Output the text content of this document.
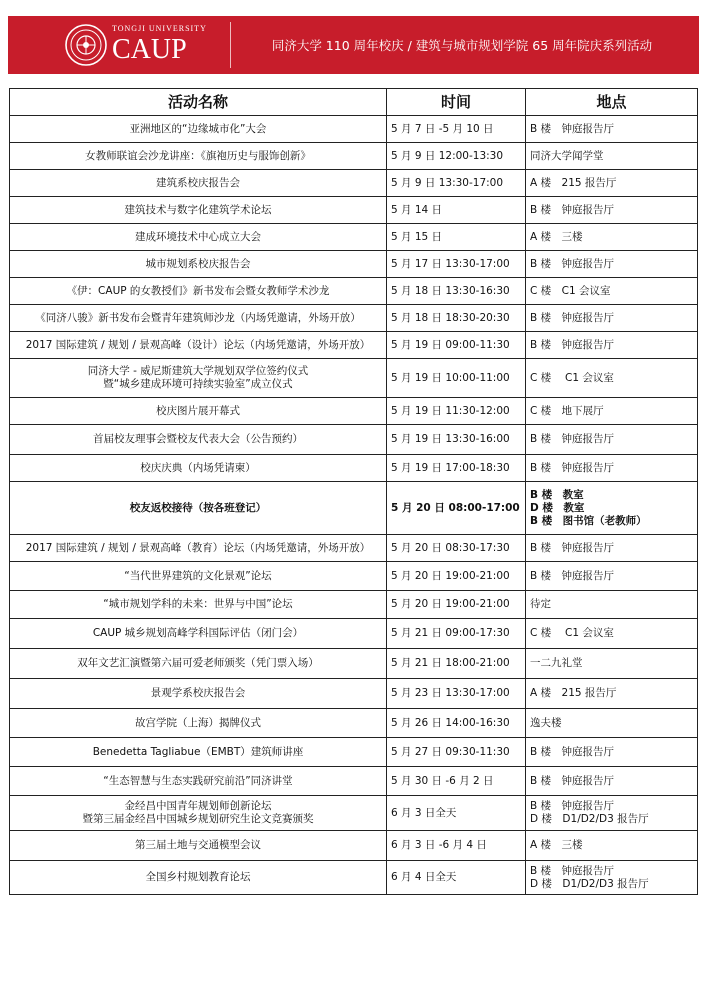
TONGJI UNIVERSITY
CAUP	同济大学 110 周年校庆 / 建筑与城市规划学院 65 周年院庆系列活动
活动名称	时间	地点

亚洲地区的“边缘城市化”大会	5 月 7 日 -5 月 10 日	B 楼　钟庭报告厅

女教师联谊会沙龙讲座：《旗袍历史与服饰创新》	5 月 9 日 12:00-13:30	同济大学闻学堂

建筑系校庆报告会	5 月 9 日 13:30-17:00	A 楼　215 报告厅

建筑技术与数字化建筑学术论坛	5 月 14 日	B 楼　钟庭报告厅

建成环境技术中心成立大会	5 月 15 日	A 楼　三楼

城市规划系校庆报告会	5 月 17 日 13:30-17:00	B 楼　钟庭报告厅

《伊：CAUP 的女教授们》新书发布会暨女教师学术沙龙	5 月 18 日 13:30-16:30	C 楼　C1 会议室

《同济八骏》新书发布会暨青年建筑师沙龙（内场凭邀请，外场开放）	5 月 18 日 18:30-20:30	B 楼　钟庭报告厅

2017 国际建筑 / 规划 / 景观高峰（设计）论坛（内场凭邀请，外场开放）	5 月 19 日 09:00-11:30	B 楼　钟庭报告厅

同济大学 - 威尼斯建筑大学规划双学位签约仪式
暨“城乡建成环境可持续实验室”成立仪式	5 月 19 日 10:00-11:00	C 楼　 C1 会议室

校庆图片展开幕式	5 月 19 日 11:30-12:00	C 楼　地下展厅

首届校友理事会暨校友代表大会（公告预约）	5 月 19 日 13:30-16:00	B 楼　钟庭报告厅

校庆庆典（内场凭请柬）	5 月 19 日 17:00-18:30	B 楼　钟庭报告厅

校友返校接待（按各班登记）	5 月 20 日 08:00-17:00	B 楼　教室
D 楼　教室
B 楼　图书馆（老教师）

2017 国际建筑 / 规划 / 景观高峰（教育）论坛（内场凭邀请，外场开放）	5 月 20 日 08:30-17:30	B 楼　钟庭报告厅

“当代世界建筑的文化景观”论坛	5 月 20 日 19:00-21:00	B 楼　钟庭报告厅

“城市规划学科的未来：世界与中国”论坛	5 月 20 日 19:00-21:00	待定

CAUP 城乡规划高峰学科国际评估（闭门会）	5 月 21 日 09:00-17:30	C 楼　 C1 会议室

双年文艺汇演暨第六届可爱老师颁奖（凭门票入场）	5 月 21 日 18:00-21:00	一二九礼堂

景观学系校庆报告会	5 月 23 日 13:30-17:00	A 楼　215 报告厅

故宫学院（上海）揭牌仪式	5 月 26 日 14:00-16:30	逸夫楼

Benedetta Tagliabue（EMBT）建筑师讲座	5 月 27 日 09:30-11:30	B 楼　钟庭报告厅

“生态智慧与生态实践研究前沿”同济讲堂	5 月 30 日 -6 月 2 日	B 楼　钟庭报告厅

金经昌中国青年规划师创新论坛
暨第三届金经昌中国城乡规划研究生论文竞赛颁奖	6 月 3 日全天	B 楼　钟庭报告厅
D 楼　D1/D2/D3 报告厅

第三届土地与交通模型会议	6 月 3 日 -6 月 4 日	A 楼　三楼

全国乡村规划教育论坛	6 月 4 日全天	B 楼　钟庭报告厅
D 楼　D1/D2/D3 报告厅
